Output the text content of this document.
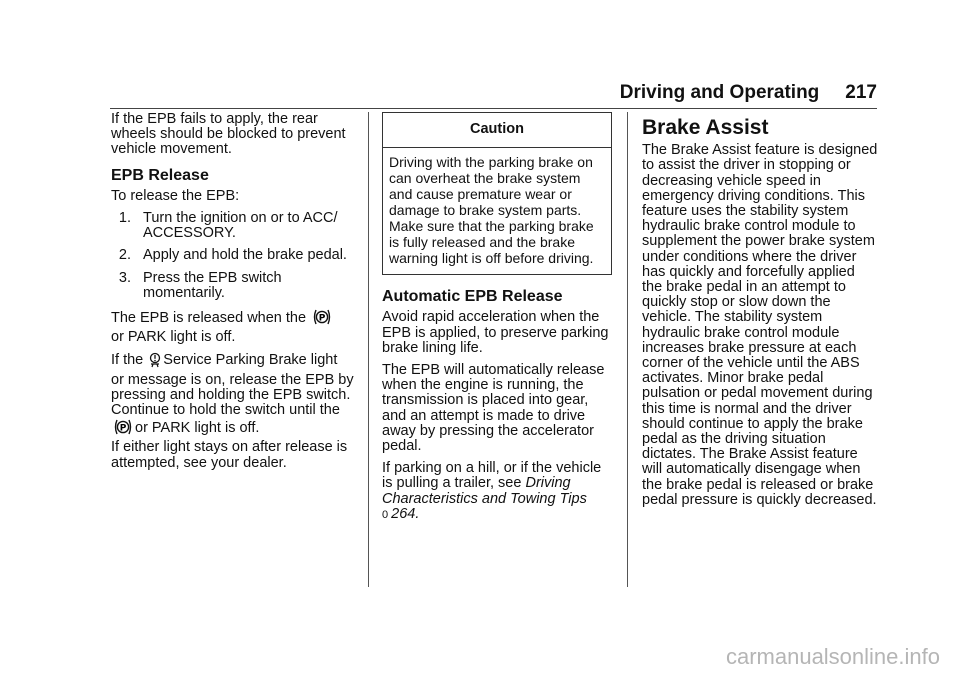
Driving and Operating 217

If the EPB fails to apply, the rear wheels should be blocked to prevent vehicle movement.

EPB Release

To release the EPB:

1. Turn the ignition on or to ACC/ ACCESSORY.
2. Apply and hold the brake pedal.
3. Press the EPB switch momentarily.

The EPB is released when the P

or PARK light is off.

If the Service Parking Brake light or message is on, release the EPB by pressing and holding the EPB switch. Continue to hold the switch until the
P or PARK light is off.
If either light stays on after release is attempted, see your dealer.

Caution
Driving with the parking brake on can overheat the brake system and cause premature wear or damage to brake system parts. Make sure that the parking brake is fully released and the brake warning light is off before driving.
Automatic EPB Release

Avoid rapid acceleration when the EPB is applied, to preserve parking brake lining life.

The EPB will automatically release when the engine is running, the transmission is placed into gear, and an attempt is made to drive away by pressing the accelerator pedal.

If parking on a hill, or if the vehicle is pulling a trailer, see Driving Characteristics and Towing Tips
0 264.

Brake Assist

The Brake Assist feature is designed to assist the driver in stopping or decreasing vehicle speed in emergency driving conditions. This feature uses the stability system hydraulic brake control module to supplement the power brake system under conditions where the driver has quickly and forcefully applied the brake pedal in an attempt to quickly stop or slow down the vehicle. The stability system hydraulic brake control module increases brake pressure at each corner of the vehicle until the ABS activates. Minor brake pedal pulsation or pedal movement during this time is normal and the driver should continue to apply the brake pedal as the driving situation dictates. The Brake Assist feature will automatically disengage when the brake pedal is released or brake pedal pressure is quickly decreased.

carmanualsonline.info
